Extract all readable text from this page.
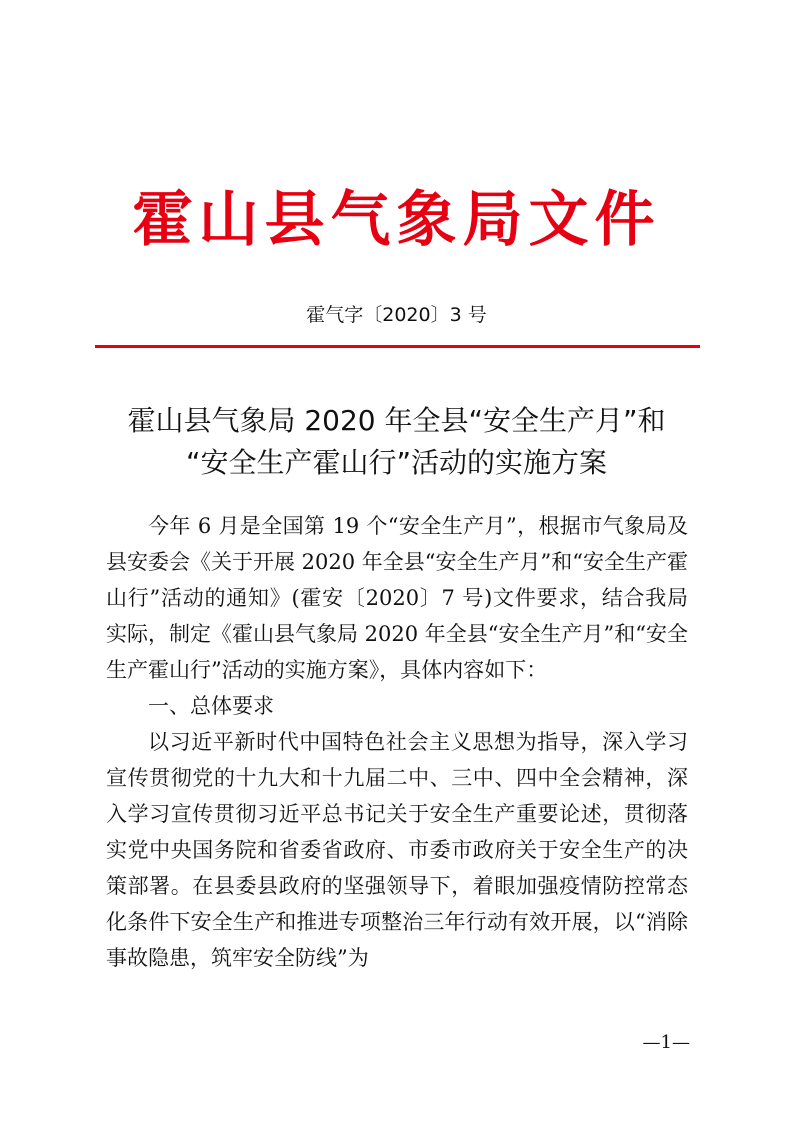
霍山县气象局文件
霍气字〔2020〕3 号
霍山县气象局 2020 年全县“安全生产月”和
“安全生产霍山行”活动的实施方案

今年 6 月是全国第 19 个“安全生产月”，根据市气象局及县安委会《关于开展 2020 年全县“安全生产月”和“安全生产霍山行”活动的通知》(霍安〔2020〕7 号)文件要求，结合我局实际，制定《霍山县气象局 2020 年全县“安全生产月”和“安全生产霍山行”活动的实施方案》，具体内容如下：

一、总体要求

以习近平新时代中国特色社会主义思想为指导，深入学习宣传贯彻党的十九大和十九届二中、三中、四中全会精神，深入学习宣传贯彻习近平总书记关于安全生产重要论述，贯彻落实党中央国务院和省委省政府、市委市政府关于安全生产的决策部署。在县委县政府的坚强领导下，着眼加强疫情防控常态化条件下安全生产和推进专项整治三年行动有效开展，以“消除事故隐患，筑牢安全防线”为

—1—
